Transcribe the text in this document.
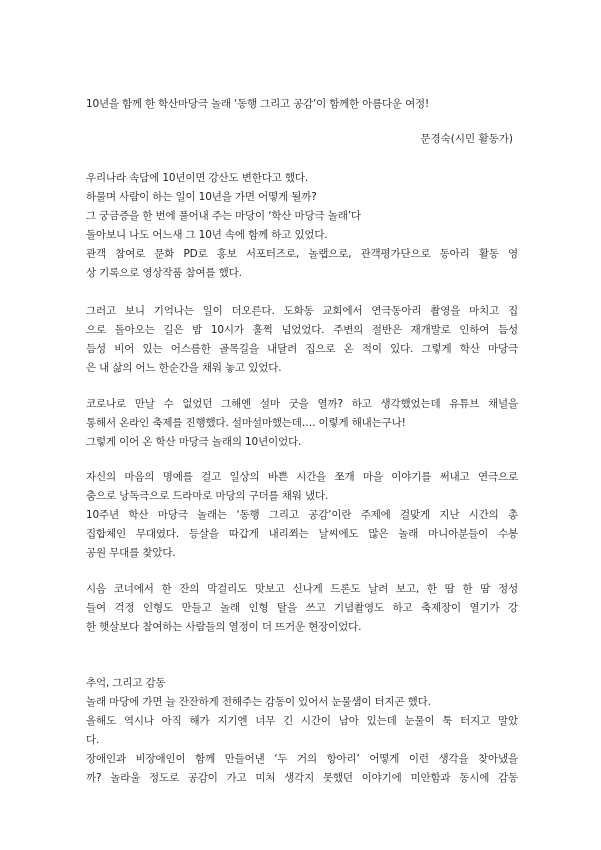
10년을 함께 한 학산마당극 놀래 ‘동행 그리고 공감’이 함께한 아름다운 여정!
문경숙(시민 활동가)
우리나라 속담에 10년이면 강산도 변한다고 했다.
하물며 사람이 하는 일이 10년을 가면 어떻게 될까?
그 궁금증을 한 번에 풀어내 주는 마당이 ‘학산 마당극 놀래’다
돌아보니 나도 어느새 그 10년 속에 함께 하고 있었다.
관객 참여로 문화 PD로 홍보 서포터즈로, 놀랩으로, 관객평가단으로 동아리 활동 영
상 기록으로 영상작품 참여를 했다.
그러고 보니 기억나는 일이 더오른다. 도화동 교회에서 연극동아리 촬영을 마치고 집
으로 돌아오는 길은 밤 10시가 훌쩍 넘었었다. 주변의 절반은 재개발로 인하여 듬성
듬성 비어 있는 어스름한 골목길을 내달려 집으로 온 적이 있다. 그렇게 학산 마당극
은 내 삶의 어느 한순간을 채워 놓고 있었다.
코로나로 만날 수 없었던 그해엔 설마 굿을 열까? 하고 생각했었는데 유튜브 채널을
통해서 온라인 축제를 진행했다. 설마설마했는데…. 이렇게 해내는구나!
그렇게 이어 온 학산 마당극 놀래의 10년이었다.
자신의 마음의 명예를 걸고 일상의 바쁜 시간을 쪼개 마을 이야기를 써내고 연극으로
춤으로 낭독극으로 드라마로 마당의 구더를 채워 냈다.
10주년 학산 마당극 놀래는 ‘동행 그리고 공감’이란 주제에 걸맞게 지난 시간의 총
집합체인 무대였다. 등살을 따갑게 내리쬐는 날씨에도 많은 놀래 마니아분들이 수봉
공원 무대를 찾았다.
시음 코너에서 한 잔의 막걸리도 맛보고 신나게 드론도 날려 보고, 한 땀 한 땀 정성
들여 걱정 인형도 만들고 놀래 인형 탈을 쓰고 기념촬영도 하고 축제장이 열기가 강
한 햇살보다 참여하는 사람들의 열정이 더 뜨거운 현장이었다.
추억, 그리고 감동
놀래 마당에 가면 늘 잔잔하게 전해주는 감동이 있어서 눈물샘이 터지곤 했다.
올해도 역시나 아직 해가 지기엔 너무 긴 시간이 남아 있는데 눈물이 툭 터지고 말았
다.
장애인과 비장애인이 함께 만들어낸 ‘두 거의 항아리’ 어떻게 이런 생각을 찾아냈을
까? 놀라울 정도로 공감이 가고 미처 생각지 못했던 이야기에 미안함과 동시에 감동
